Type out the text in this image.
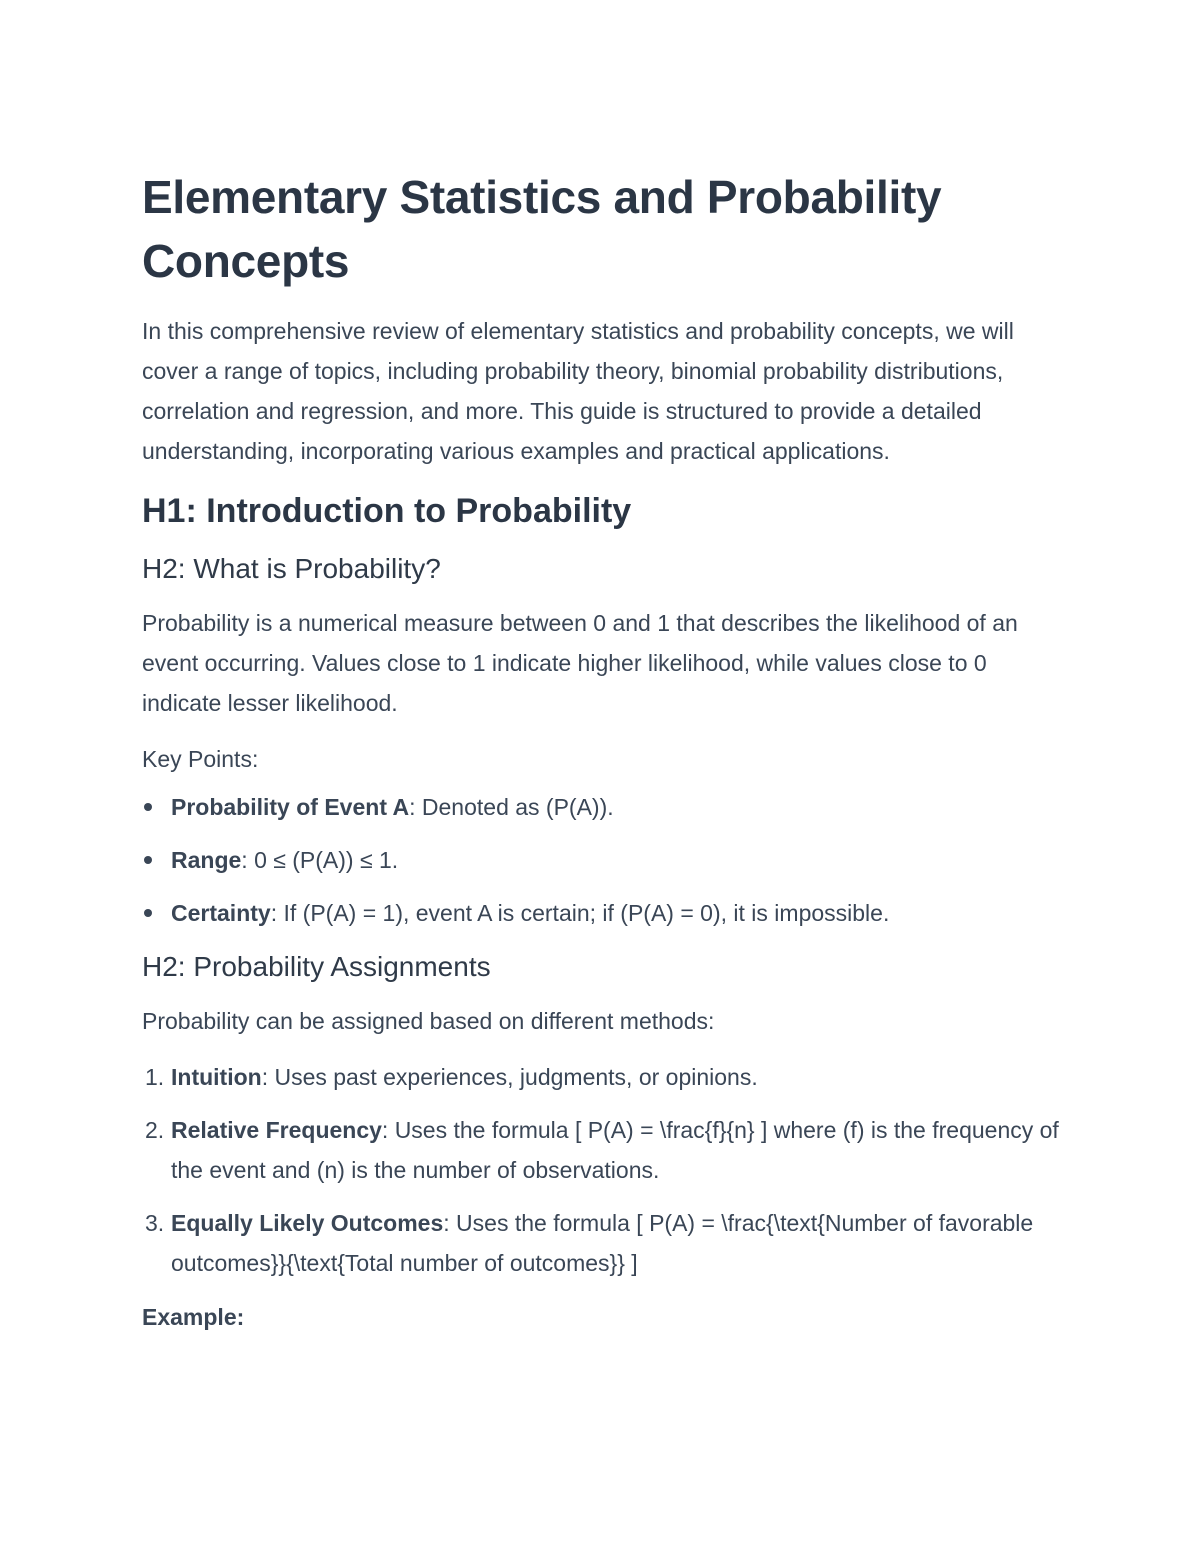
Elementary Statistics and Probability Concepts

In this comprehensive review of elementary statistics and probability concepts, we will cover a range of topics, including probability theory, binomial probability distributions, correlation and regression, and more. This guide is structured to provide a detailed understanding, incorporating various examples and practical applications.

H1: Introduction to Probability
H2: What is Probability?

Probability is a numerical measure between 0 and 1 that describes the likelihood of an event occurring. Values close to 1 indicate higher likelihood, while values close to 0 indicate lesser likelihood.

Key Points:

Probability of Event A: Denoted as (P(A)).
Range: 0 ≤ (P(A)) ≤ 1.
Certainty: If (P(A) = 1), event A is certain; if (P(A) = 0), it is impossible.
H2: Probability Assignments

Probability can be assigned based on different methods:

1. Intuition: Uses past experiences, judgments, or opinions.
2. Relative Frequency: Uses the formula [ P(A) = \frac{f}{n} ] where (f) is the frequency of the event and (n) is the number of observations.
3. Equally Likely Outcomes: Uses the formula [ P(A) = \frac{\text{Number of favorable outcomes}}{\text{Total number of outcomes}} ]

Example:
